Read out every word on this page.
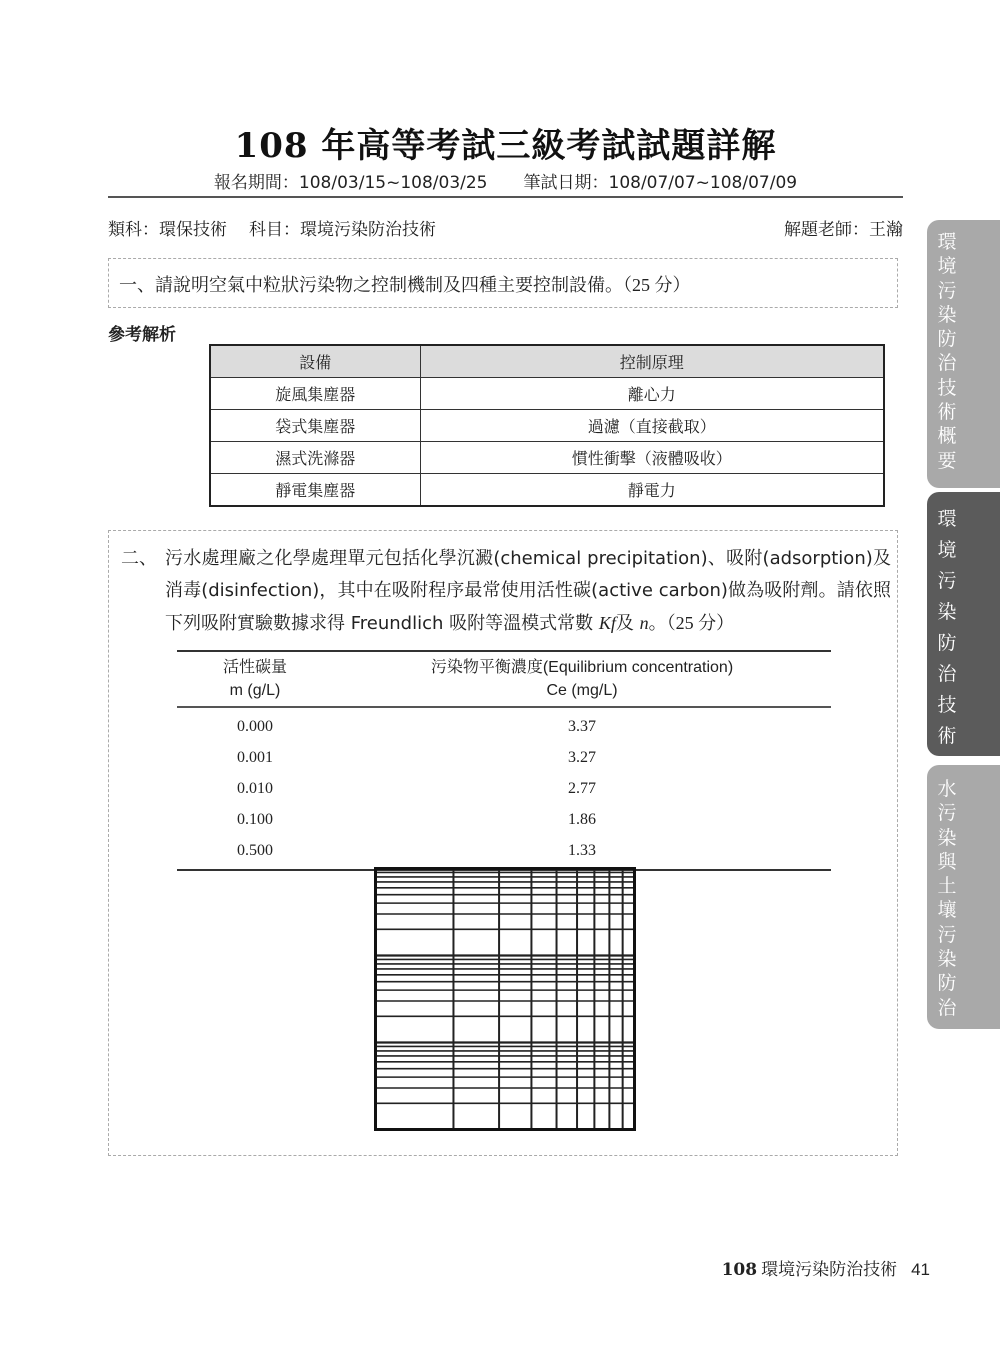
108 年高等考試三級考試試題詳解
報名期間：108/03/15~108/03/25 筆試日期：108/07/07~108/07/09
類科：環保技術 科目：環境污染防治技術	解題老師：王瀚
一、請說明空氣中粒狀污染物之控制機制及四種主要控制設備。（25 分）
參考解析
設備	控制原理
旋風集塵器	離心力
袋式集塵器	過濾（直接截取）
濕式洗滌器	慣性衝擊（液體吸收）
靜電集塵器	靜電力
二、 污水處理廠之化學處理單元包括化學沉澱(chemical precipitation)、吸附(adsorption)及消毒(disinfection)，其中在吸附程序最常使用活性碳(active carbon)做為吸附劑。請依照下列吸附實驗數據求得 Freundlich 吸附等溫模式常數 Kf及 n。（25 分）
活性碳量
m (g/L)	污染物平衡濃度(Equilibrium concentration)
Ce (mg/L)
0.000	3.37
0.001	3.27
0.010	2.77
0.100	1.86
0.500	1.33
環
境
污
染
防
治
技
術
概
要
環
境
污
染
防
治
技
術
水
污
染
與
土
壤
污
染
防
治
108 環境污染防治技術 41
